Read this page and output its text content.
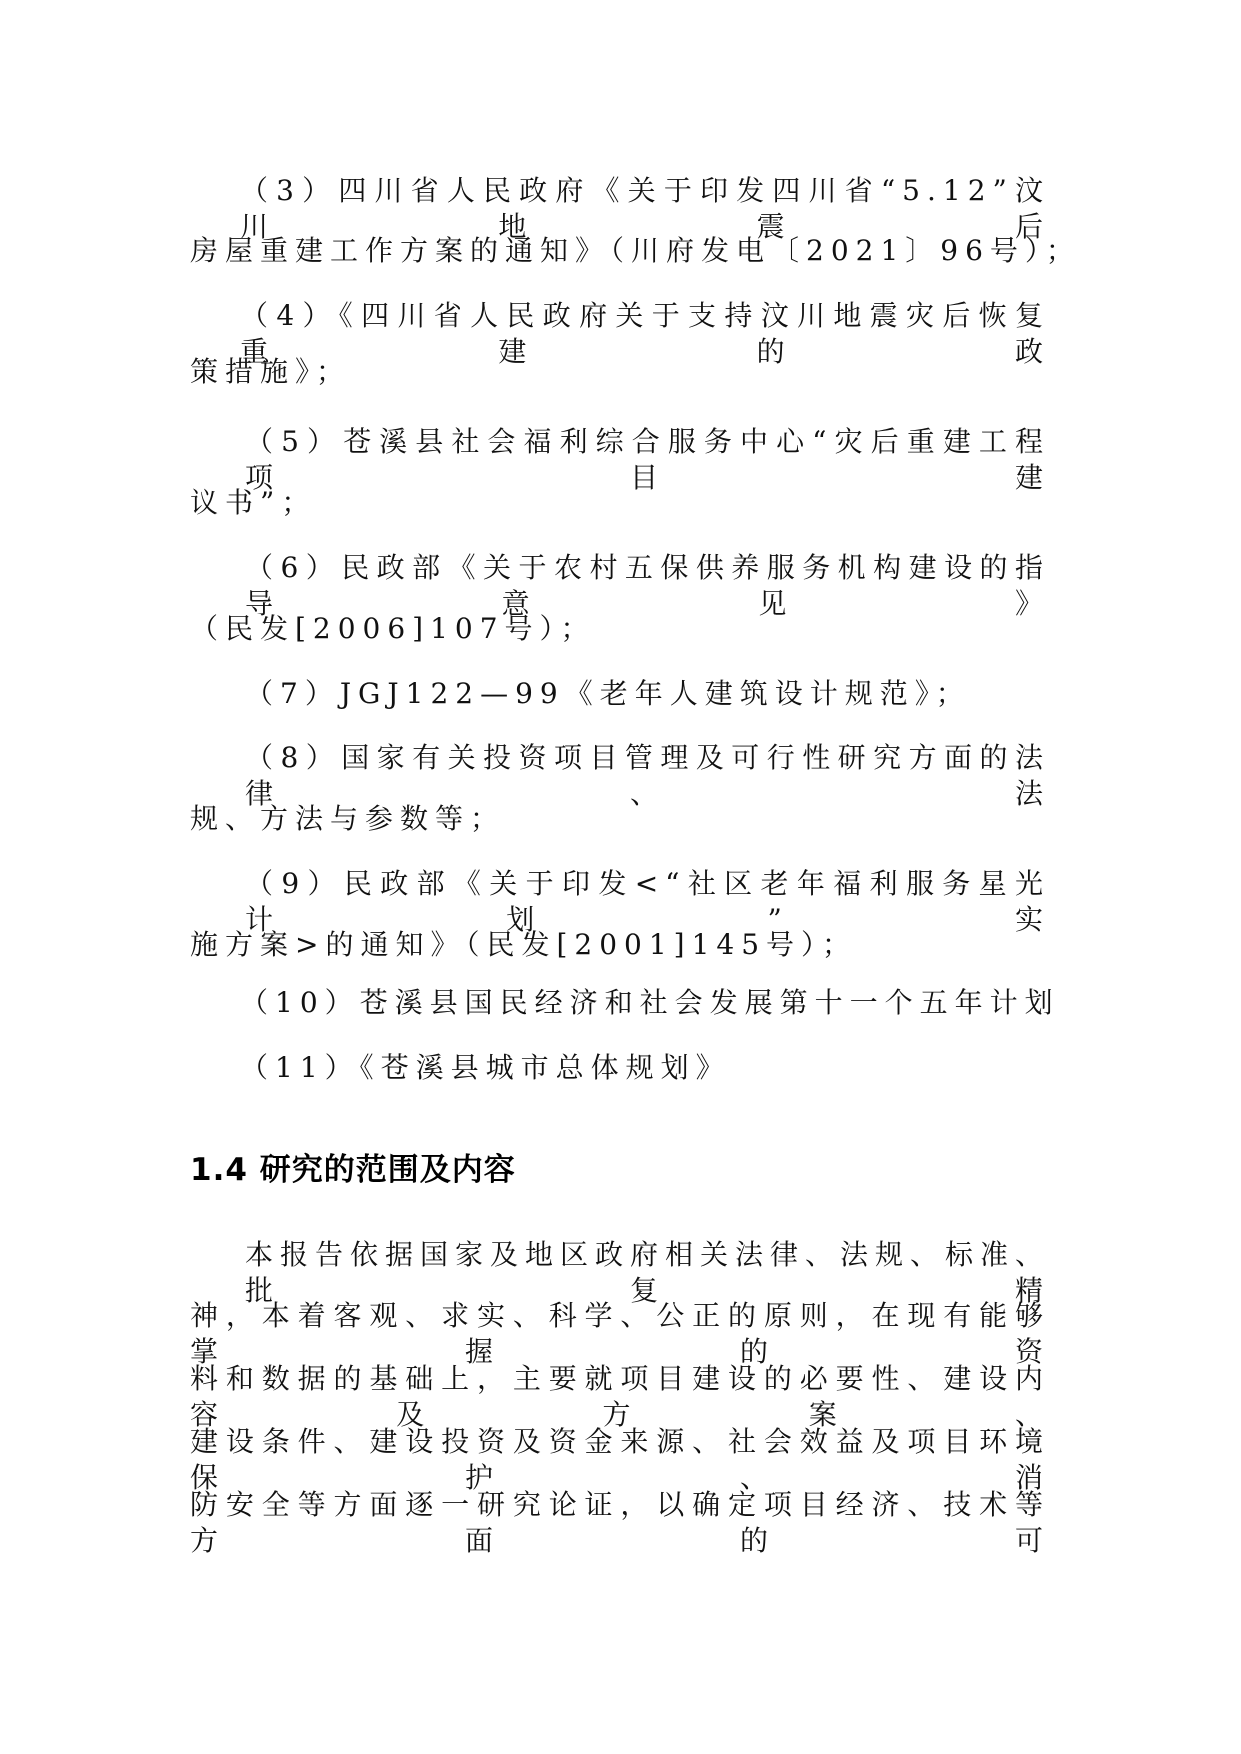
（3）四川省人民政府《关于印发四川省“5.12”汶川地震后
房屋重建工作方案的通知》（川府发电〔2021〕96号）；
（4）《四川省人民政府关于支持汶川地震灾后恢复重建的政
策措施》；
（5）苍溪县社会福利综合服务中心“灾后重建工程项目建
议书”；
（6）民政部《关于农村五保供养服务机构建设的指导意见》
（民发[2006]107号）；
（7）JGJ122—99《老年人建筑设计规范》；
（8）国家有关投资项目管理及可行性研究方面的法律、法
规、方法与参数等；
（9）民政部《关于印发<“社区老年福利服务星光计划”实
施方案>的通知》（民发[2001]145号）；
（10）苍溪县国民经济和社会发展第十一个五年计划
（11）《苍溪县城市总体规划》
1.4 研究的范围及内容
本报告依据国家及地区政府相关法律、法规、标准、批复精
神，本着客观、求实、科学、公正的原则，在现有能够掌握的资
料和数据的基础上，主要就项目建设的必要性、建设内容及方案、
建设条件、建设投资及资金来源、社会效益及项目环境保护、消
防安全等方面逐一研究论证，以确定项目经济、技术等方面的可
